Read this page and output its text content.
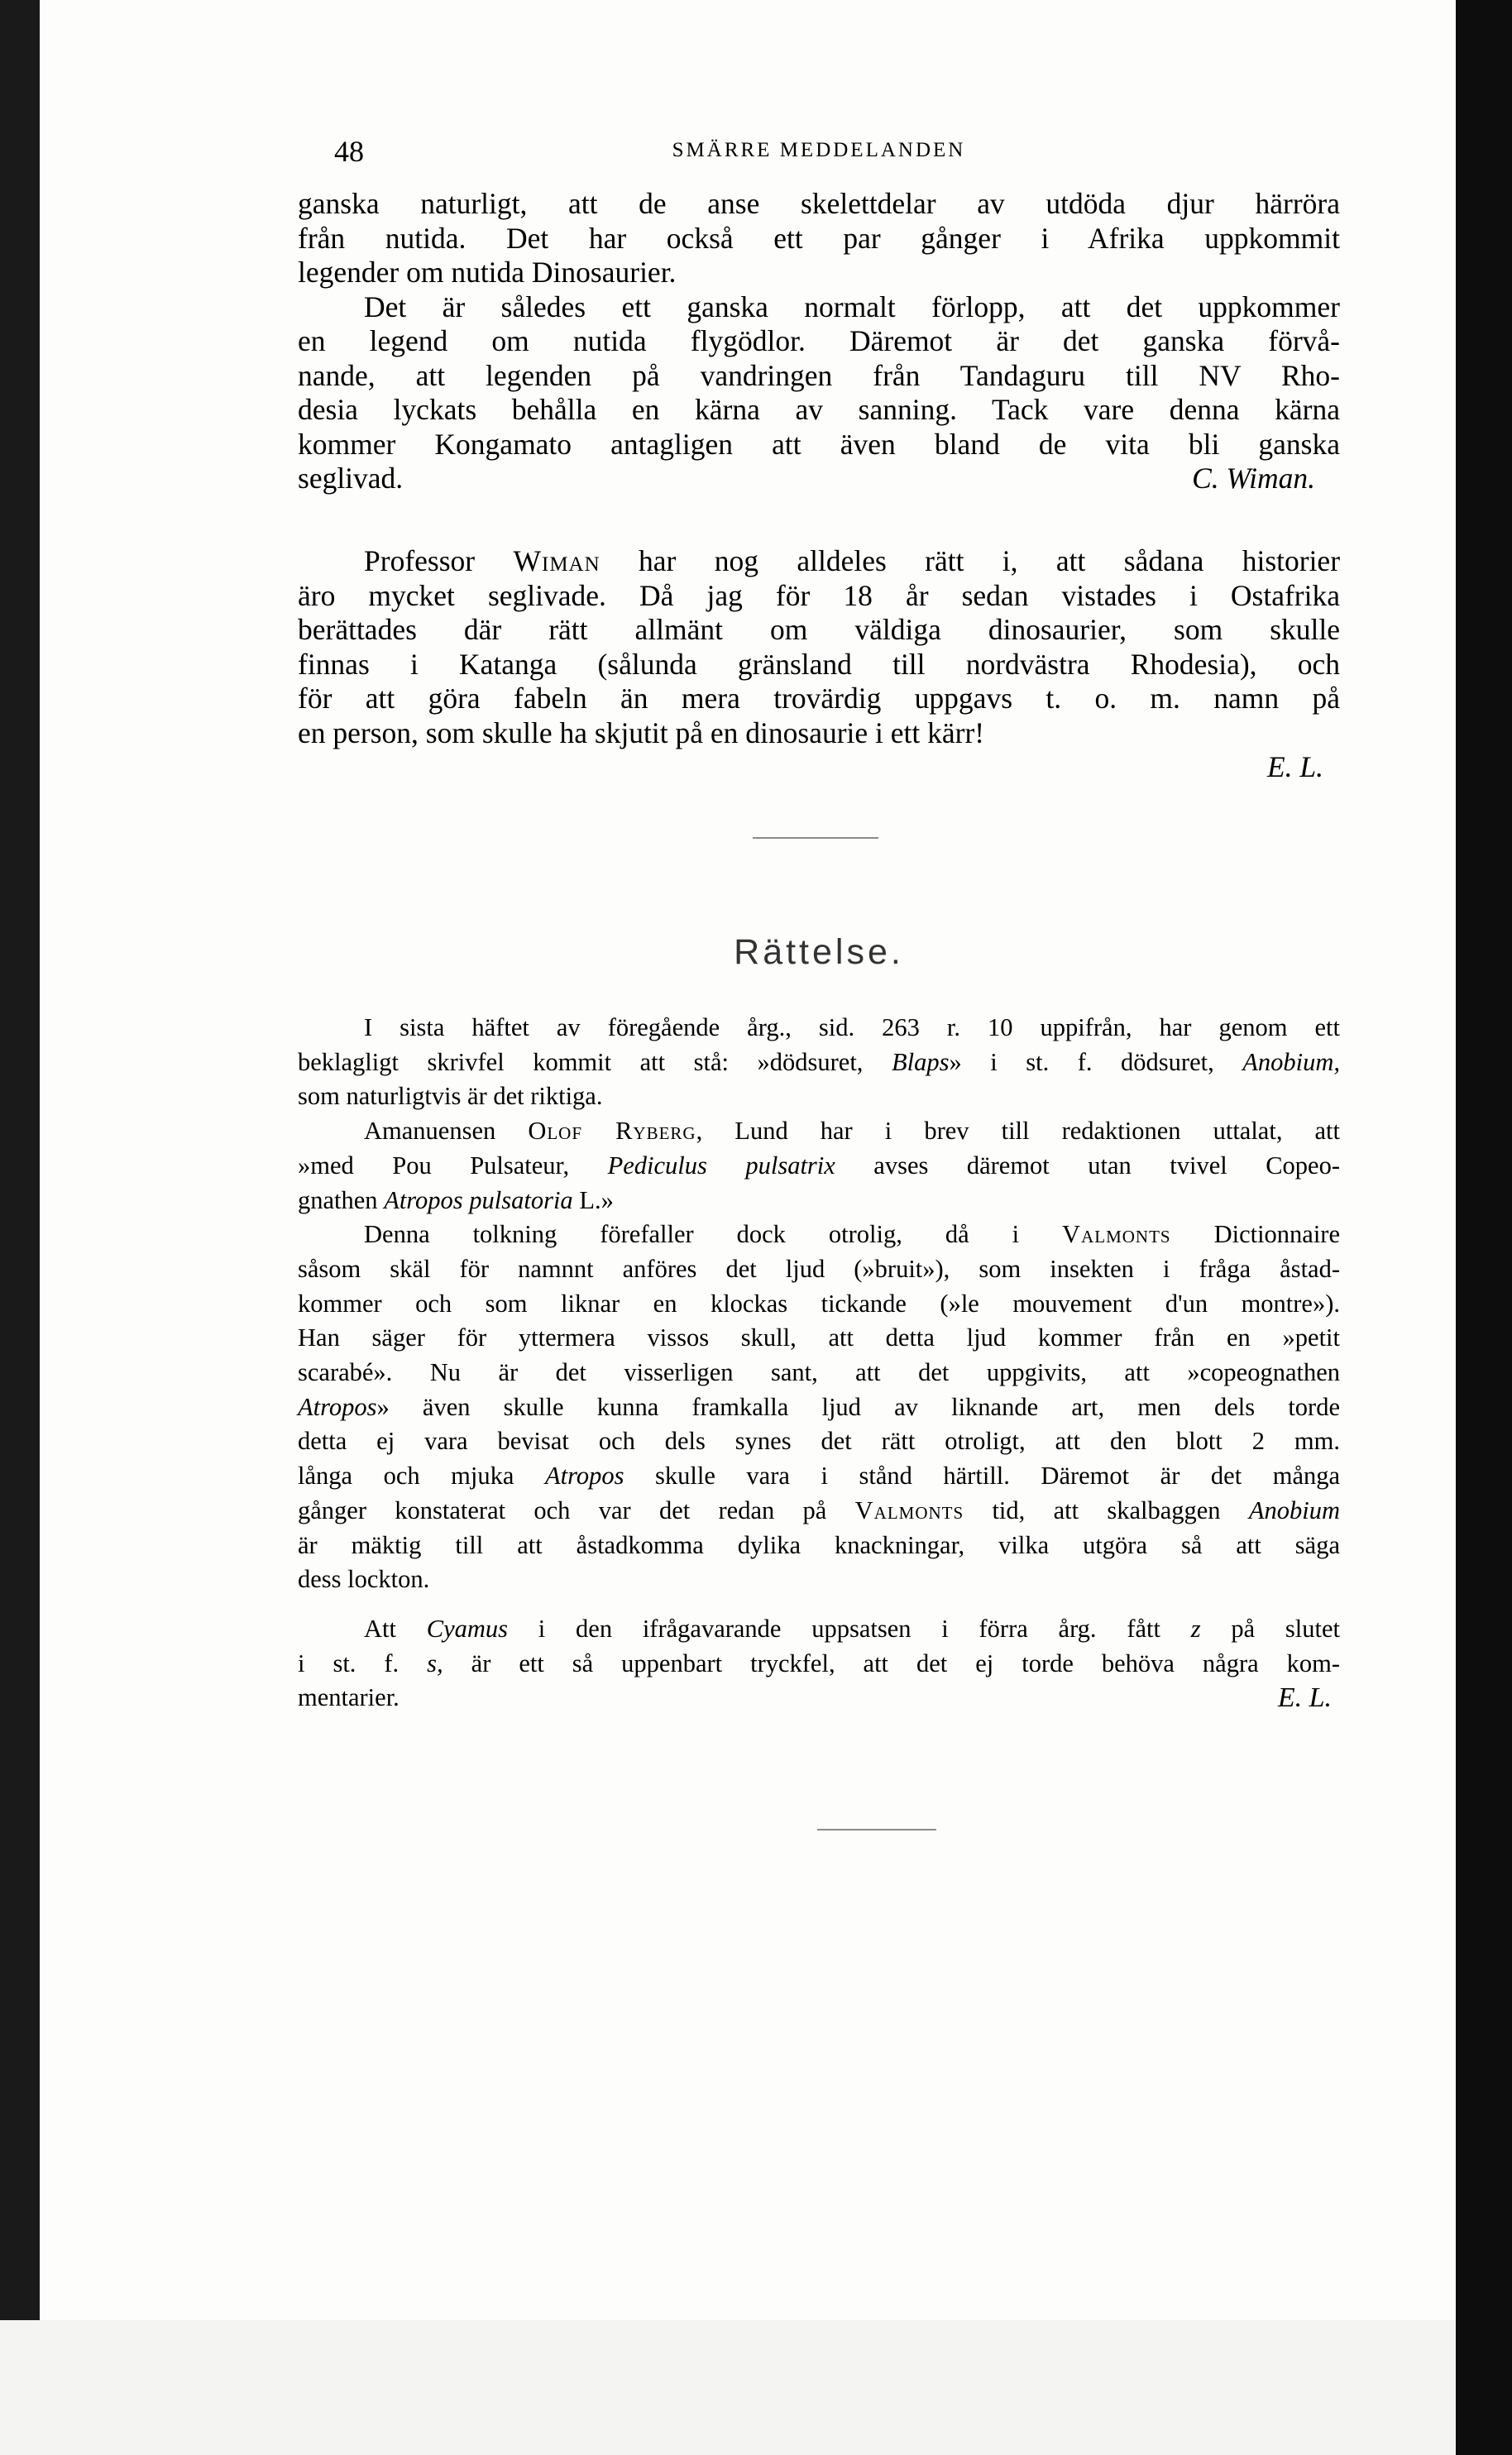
48	SMÄRRE MEDDELANDEN
ganska naturligt, att de anse skelettdelar av utdöda djur härröra
från nutida. Det har också ett par gånger i Afrika uppkommit
legender om nutida Dinosaurier.
Det är således ett ganska normalt förlopp, att det uppkommer
en legend om nutida flygödlor. Däremot är det ganska förvå-
nande, att legenden på vandringen från Tandaguru till NV Rho-
desia lyckats behålla en kärna av sanning. Tack vare denna kärna
kommer Kongamato antagligen att även bland de vita bli ganska
seglivad.	C. Wiman.
Professor Wiman har nog alldeles rätt i, att sådana historier
äro mycket seglivade. Då jag för 18 år sedan vistades i Ostafrika
berättades där rätt allmänt om väldiga dinosaurier, som skulle
finnas i Katanga (sålunda gränsland till nordvästra Rhodesia), och
för att göra fabeln än mera trovärdig uppgavs t. o. m. namn på
en person, som skulle ha skjutit på en dinosaurie i ett kärr!
E. L.
Rättelse.
I sista häftet av föregående årg., sid. 263 r. 10 uppifrån, har genom ett
beklagligt skrivfel kommit att stå: »dödsuret, Blaps» i st. f. dödsuret, Anobium,
som naturligtvis är det riktiga.
Amanuensen Olof Ryberg, Lund har i brev till redaktionen uttalat, att
»med Pou Pulsateur, Pediculus pulsatrix avses däremot utan tvivel Copeo-
gnathen Atropos pulsatoria L.»
Denna tolkning förefaller dock otrolig, då i Valmonts Dictionnaire
såsom skäl för namnnt anföres det ljud (»bruit»), som insekten i fråga åstad-
kommer och som liknar en klockas tickande (»le mouvement d'un montre»).
Han säger för yttermera vissos skull, att detta ljud kommer från en »petit
scarabé». Nu är det visserligen sant, att det uppgivits, att »copeognathen
Atropos» även skulle kunna framkalla ljud av liknande art, men dels torde
detta ej vara bevisat och dels synes det rätt otroligt, att den blott 2 mm.
långa och mjuka Atropos skulle vara i stånd härtill. Däremot är det många
gånger konstaterat och var det redan på Valmonts tid, att skalbaggen Anobium
är mäktig till att åstadkomma dylika knackningar, vilka utgöra så att säga
dess lockton.
Att Cyamus i den ifrågavarande uppsatsen i förra årg. fått z på slutet
i st. f. s, är ett så uppenbart tryckfel, att det ej torde behöva några kom-
mentarier.	E. L.
